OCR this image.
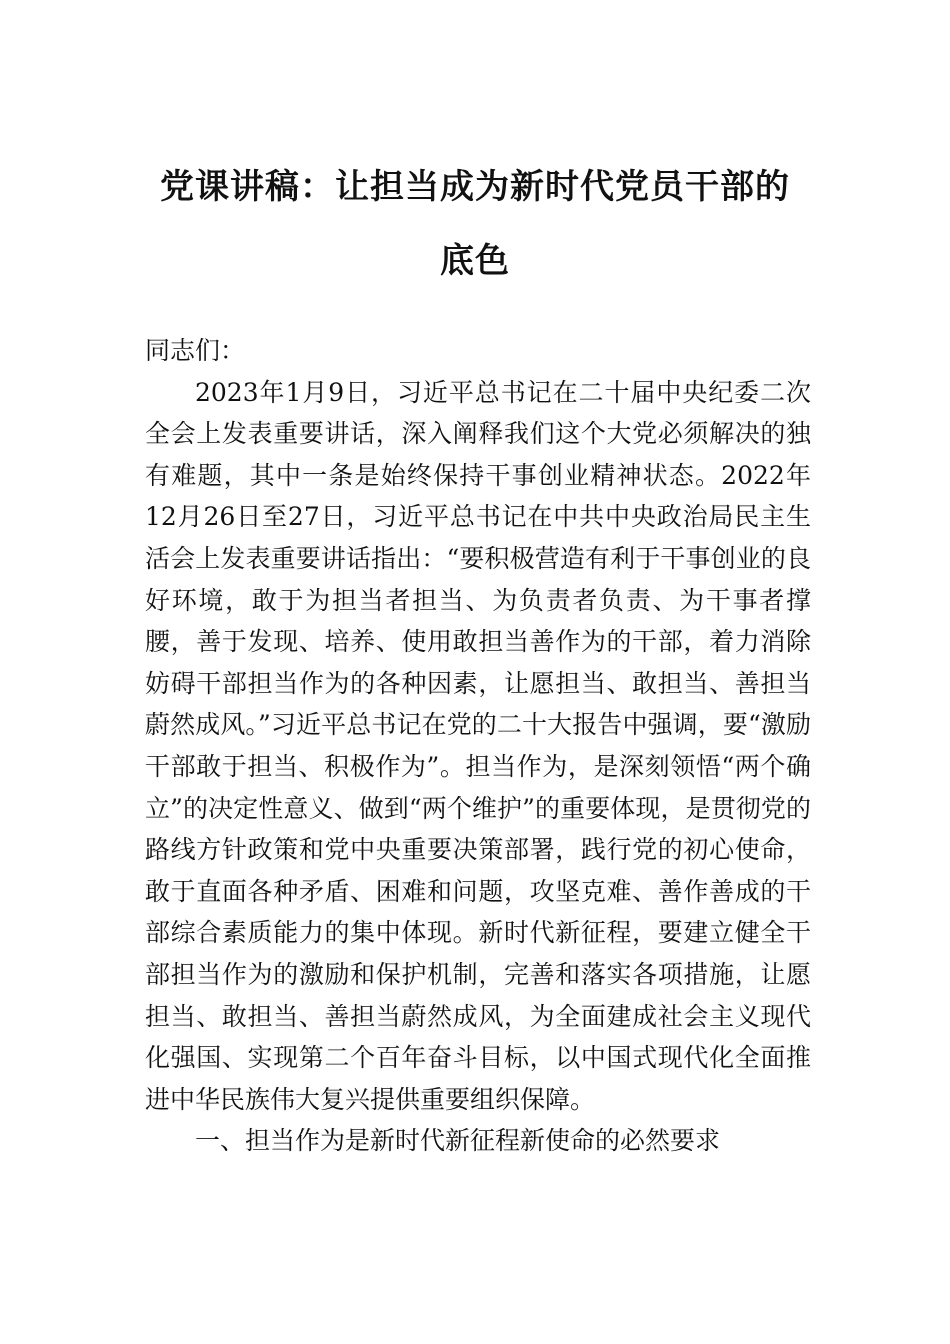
党课讲稿：让担当成为新时代党员干部的
底色

同志们：

2023年1月9日，习近平总书记在二十届中央纪委二次全会上发表重要讲话，深入阐释我们这个大党必须解决的独有难题，其中一条是始终保持干事创业精神状态。2022年12月26日至27日，习近平总书记在中共中央政治局民主生活会上发表重要讲话指出：“要积极营造有利于干事创业的良好环境，敢于为担当者担当、为负责者负责、为干事者撑腰，善于发现、培养、使用敢担当善作为的干部，着力消除妨碍干部担当作为的各种因素，让愿担当、敢担当、善担当蔚然成风。”习近平总书记在党的二十大报告中强调，要“激励干部敢于担当、积极作为”。担当作为，是深刻领悟“两个确立”的决定性意义、做到“两个维护”的重要体现，是贯彻党的路线方针政策和党中央重要决策部署，践行党的初心使命，敢于直面各种矛盾、困难和问题，攻坚克难、善作善成的干部综合素质能力的集中体现。新时代新征程，要建立健全干部担当作为的激励和保护机制，完善和落实各项措施，让愿担当、敢担当、善担当蔚然成风，为全面建成社会主义现代化强国、实现第二个百年奋斗目标，以中国式现代化全面推进中华民族伟大复兴提供重要组织保障。

一、担当作为是新时代新征程新使命的必然要求
